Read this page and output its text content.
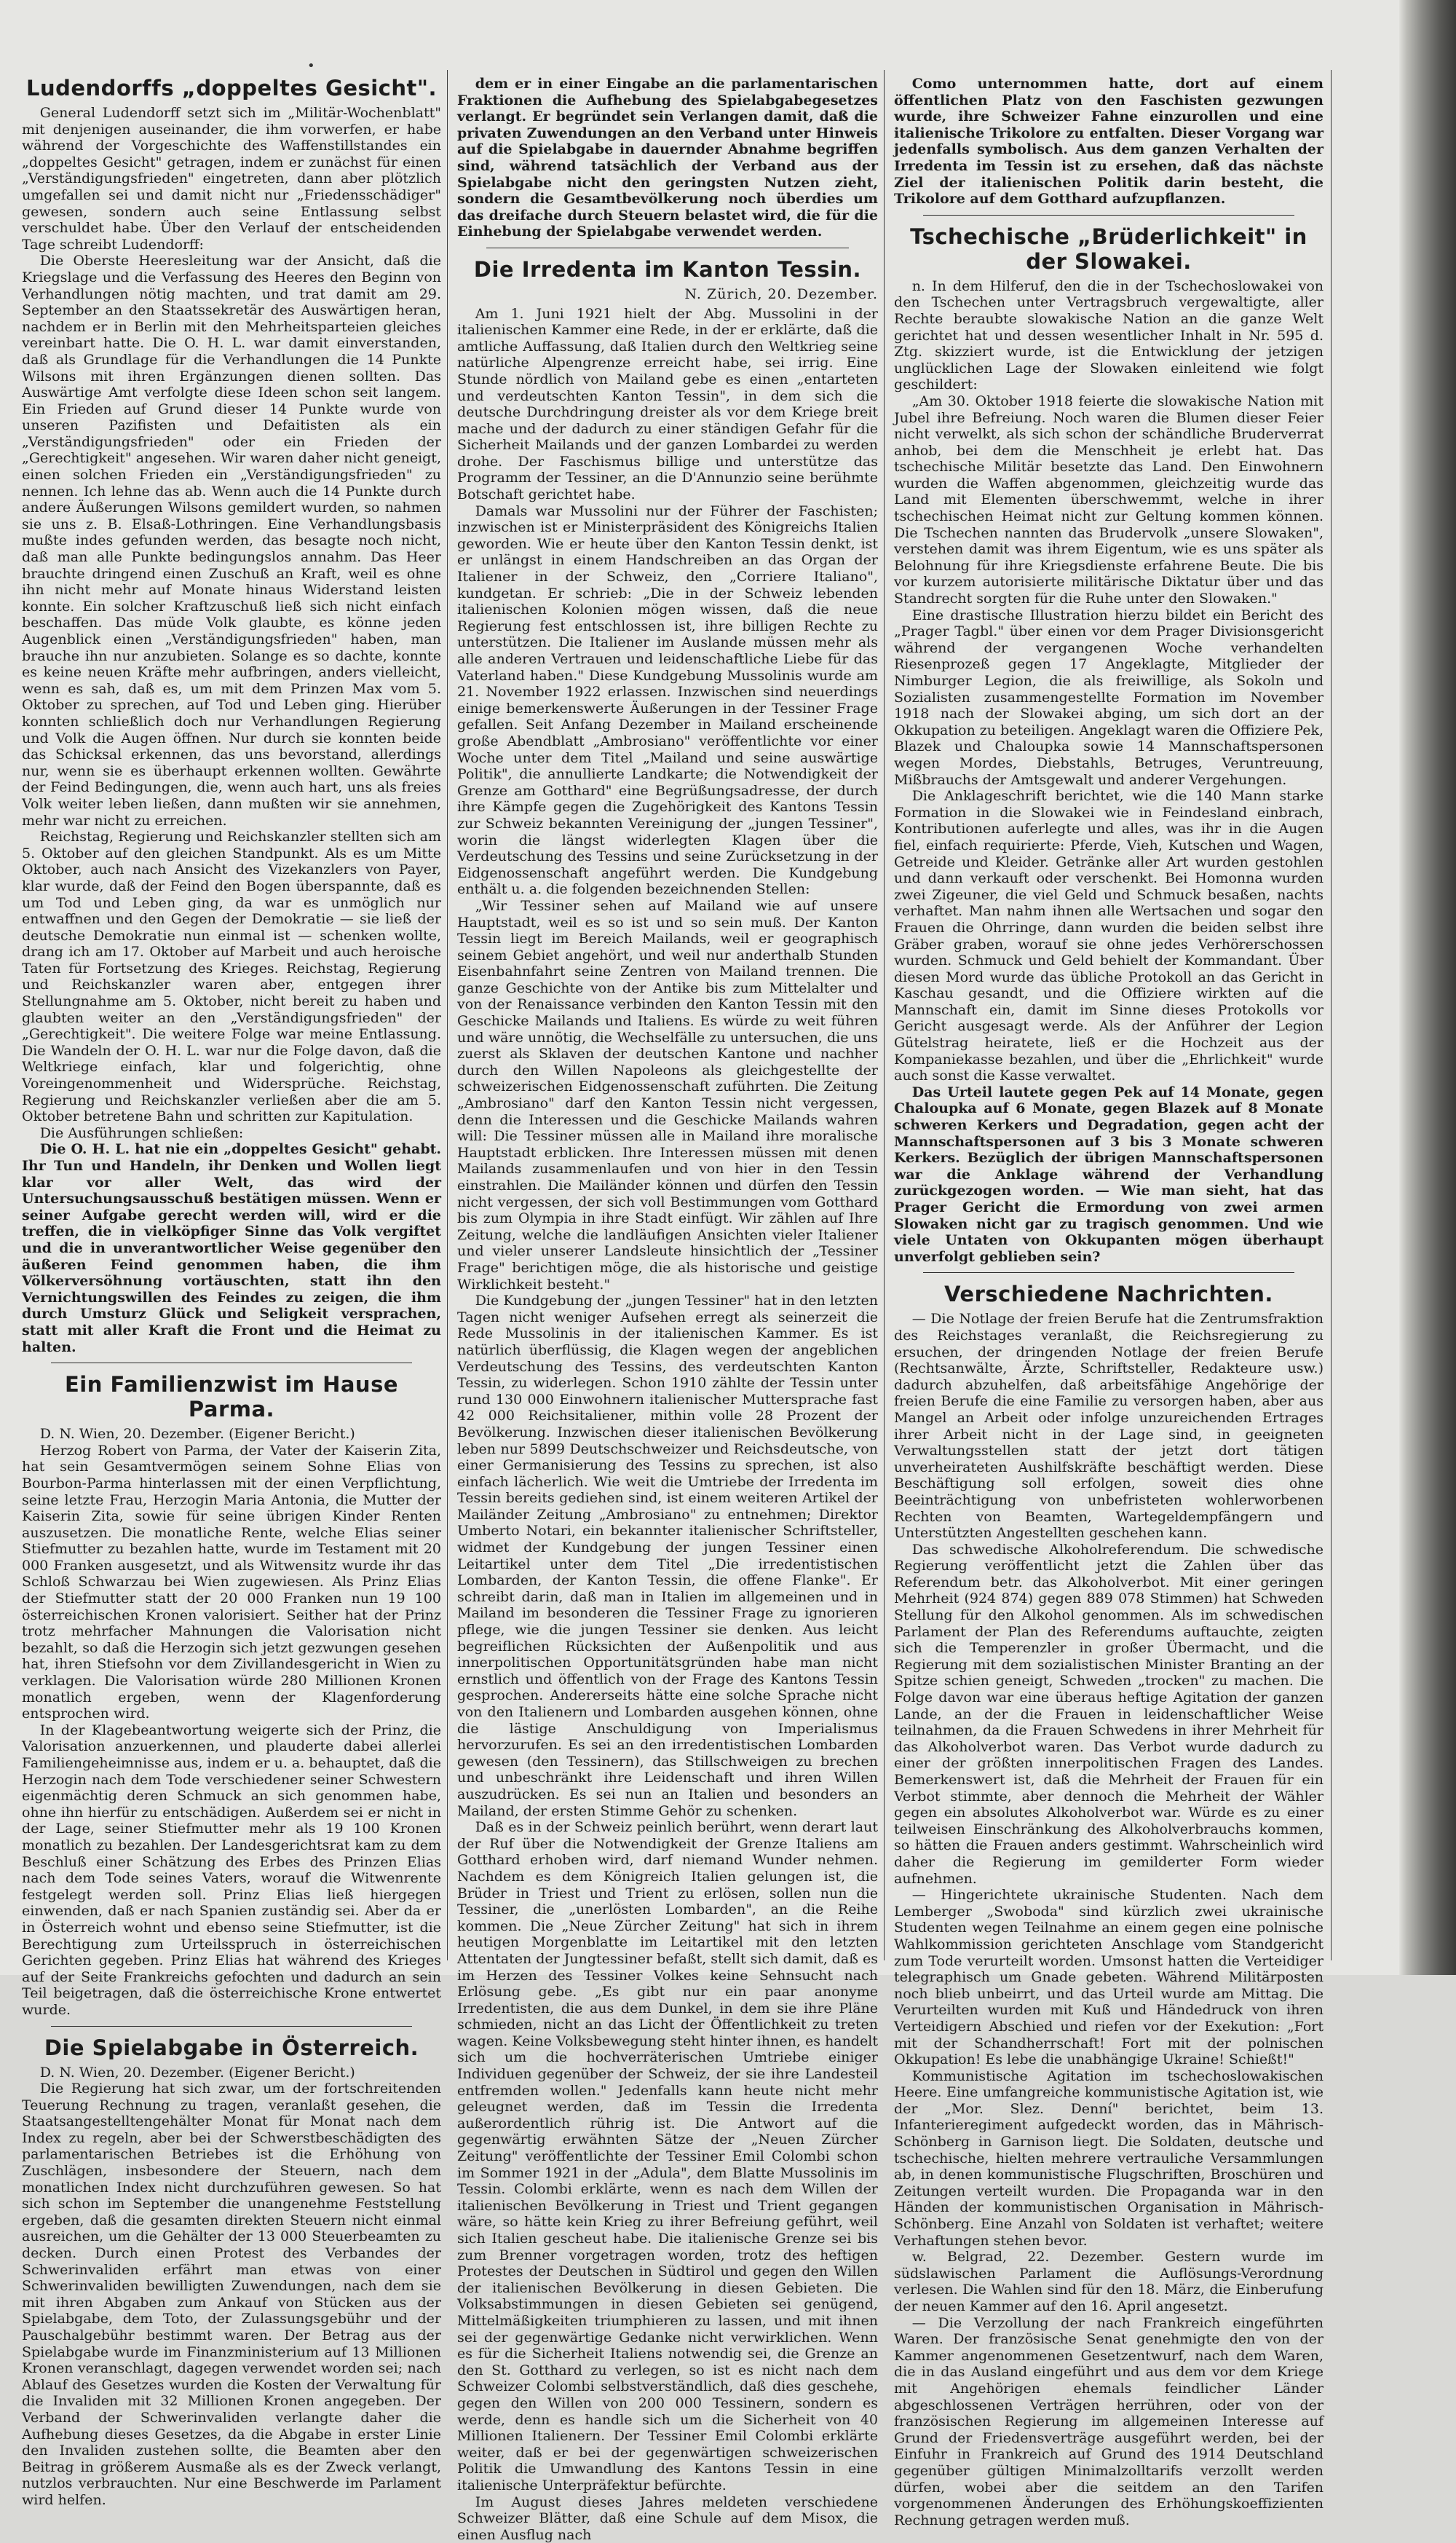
•
Ludendorffs „doppeltes Gesicht".

General Ludendorff setzt sich im „Militär-Wochenblatt" mit denjenigen auseinander, die ihm vorwerfen, er habe während der Vorgeschichte des Waffenstillstandes ein „doppeltes Gesicht" getragen, indem er zunächst für einen „Verständigungsfrieden" eingetreten, dann aber plötzlich umgefallen sei und damit nicht nur „Friedensschädiger" gewesen, sondern auch seine Entlassung selbst verschuldet habe. Über den Verlauf der entscheidenden Tage schreibt Ludendorff:

Die Oberste Heeresleitung war der Ansicht, daß die Kriegslage und die Verfassung des Heeres den Beginn von Verhandlungen nötig machten, und trat damit am 29. September an den Staatssekretär des Auswärtigen heran, nachdem er in Berlin mit den Mehrheitsparteien gleiches vereinbart hatte. Die O. H. L. war damit einverstanden, daß als Grundlage für die Verhandlungen die 14 Punkte Wilsons mit ihren Ergänzungen dienen sollten. Das Auswärtige Amt verfolgte diese Ideen schon seit langem. Ein Frieden auf Grund dieser 14 Punkte wurde von unseren Pazifisten und Defaitisten als ein „Verständigungsfrieden" oder ein Frieden der „Gerechtigkeit" angesehen. Wir waren daher nicht geneigt, einen solchen Frieden ein „Verständigungsfrieden" zu nennen. Ich lehne das ab. Wenn auch die 14 Punkte durch andere Äußerungen Wilsons gemildert wurden, so nahmen sie uns z. B. Elsaß-Lothringen. Eine Verhandlungsbasis mußte indes gefunden werden, das besagte noch nicht, daß man alle Punkte bedingungslos annahm. Das Heer brauchte dringend einen Zuschuß an Kraft, weil es ohne ihn nicht mehr auf Monate hinaus Widerstand leisten konnte. Ein solcher Kraftzuschuß ließ sich nicht einfach beschaffen. Das müde Volk glaubte, es könne jeden Augenblick einen „Verständigungsfrieden" haben, man brauche ihn nur anzubieten. Solange es so dachte, konnte es keine neuen Kräfte mehr aufbringen, anders vielleicht, wenn es sah, daß es, um mit dem Prinzen Max vom 5. Oktober zu sprechen, auf Tod und Leben ging. Hierüber konnten schließlich doch nur Verhandlungen Regierung und Volk die Augen öffnen. Nur durch sie konnten beide das Schicksal erkennen, das uns bevorstand, allerdings nur, wenn sie es überhaupt erkennen wollten. Gewährte der Feind Bedingungen, die, wenn auch hart, uns als freies Volk weiter leben ließen, dann mußten wir sie annehmen, mehr war nicht zu erreichen.

Reichstag, Regierung und Reichskanzler stellten sich am 5. Oktober auf den gleichen Standpunkt. Als es um Mitte Oktober, auch nach Ansicht des Vizekanzlers von Payer, klar wurde, daß der Feind den Bogen überspannte, daß es um Tod und Leben ging, da war es unmöglich nur entwaffnen und den Gegen der Demokratie — sie ließ der deutsche Demokratie nun einmal ist — schenken wollte, drang ich am 17. Oktober auf Marbeit und auch heroische Taten für Fortsetzung des Krieges. Reichstag, Regierung und Reichskanzler waren aber, entgegen ihrer Stellungnahme am 5. Oktober, nicht bereit zu haben und glaubten weiter an den „Verständigungsfrieden" der „Gerechtigkeit". Die weitere Folge war meine Entlassung. Die Wandeln der O. H. L. war nur die Folge davon, daß die Weltkriege einfach, klar und folgerichtig, ohne Voreingenommenheit und Widersprüche. Reichstag, Regierung und Reichskanzler verließen aber die am 5. Oktober betretene Bahn und schritten zur Kapitulation.

Die Ausführungen schließen:

Die O. H. L. hat nie ein „doppeltes Gesicht" gehabt. Ihr Tun und Handeln, ihr Denken und Wollen liegt klar vor aller Welt, das wird der Untersuchungsausschuß bestätigen müssen. Wenn er seiner Aufgabe gerecht werden will, wird er die treffen, die in vielköpfiger Sinne das Volk vergiftet und die in unverantwortlicher Weise gegenüber den äußeren Feind genommen haben, die ihm Völkerversöhnung vortäuschten, statt ihn den Vernichtungswillen des Feindes zu zeigen, die ihm durch Umsturz Glück und Seligkeit versprachen, statt mit aller Kraft die Front und die Heimat zu halten.

Ein Familienzwist im Hause Parma.

D. N. Wien, 20. Dezember. (Eigener Bericht.)

Herzog Robert von Parma, der Vater der Kaiserin Zita, hat sein Gesamtvermögen seinem Sohne Elias von Bourbon-Parma hinterlassen mit der einen Verpflichtung, seine letzte Frau, Herzogin Maria Antonia, die Mutter der Kaiserin Zita, sowie für seine übrigen Kinder Renten auszusetzen. Die monatliche Rente, welche Elias seiner Stiefmutter zu bezahlen hatte, wurde im Testament mit 20 000 Franken ausgesetzt, und als Witwensitz wurde ihr das Schloß Schwarzau bei Wien zugewiesen. Als Prinz Elias der Stiefmutter statt der 20 000 Franken nun 19 100 österreichischen Kronen valorisiert. Seither hat der Prinz trotz mehrfacher Mahnungen die Valorisation nicht bezahlt, so daß die Herzogin sich jetzt gezwungen gesehen hat, ihren Stiefsohn vor dem Zivillandesgericht in Wien zu verklagen. Die Valorisation würde 280 Millionen Kronen monatlich ergeben, wenn der Klagenforderung entsprochen wird.

In der Klagebeantwortung weigerte sich der Prinz, die Valorisation anzuerkennen, und plauderte dabei allerlei Familiengeheimnisse aus, indem er u. a. behauptet, daß die Herzogin nach dem Tode verschiedener seiner Schwestern eigenmächtig deren Schmuck an sich genommen habe, ohne ihn hierfür zu entschädigen. Außerdem sei er nicht in der Lage, seiner Stiefmutter mehr als 19 100 Kronen monatlich zu bezahlen. Der Landesgerichtsrat kam zu dem Beschluß einer Schätzung des Erbes des Prinzen Elias nach dem Tode seines Vaters, worauf die Witwenrente festgelegt werden soll. Prinz Elias ließ hiergegen einwenden, daß er nach Spanien zuständig sei. Aber da er in Österreich wohnt und ebenso seine Stiefmutter, ist die Berechtigung zum Urteilsspruch in österreichischen Gerichten gegeben. Prinz Elias hat während des Krieges auf der Seite Frankreichs gefochten und dadurch an sein Teil beigetragen, daß die österreichische Krone entwertet wurde.

Die Spielabgabe in Österreich.

D. N. Wien, 20. Dezember. (Eigener Bericht.)

Die Regierung hat sich zwar, um der fortschreitenden Teuerung Rechnung zu tragen, veranlaßt gesehen, die Staatsangestelltengehälter Monat für Monat nach dem Index zu regeln, aber bei der Schwerstbeschädigten des parlamentarischen Betriebes ist die Erhöhung von Zuschlägen, insbesondere der Steuern, nach dem monatlichen Index nicht durchzuführen gewesen. So hat sich schon im September die unangenehme Feststellung ergeben, daß die gesamten direkten Steuern nicht einmal ausreichen, um die Gehälter der 13 000 Steuerbeamten zu decken. Durch einen Protest des Verbandes der Schwerinvaliden erfährt man etwas von einer Schwerinvaliden bewilligten Zuwendungen, nach dem sie mit ihren Abgaben zum Ankauf von Stücken aus der Spielabgabe, dem Toto, der Zulassungsgebühr und der Pauschalgebühr bestimmt waren. Der Betrag aus der Spielabgabe wurde im Finanzministerium auf 13 Millionen Kronen veranschlagt, dagegen verwendet worden sei; nach Ablauf des Gesetzes wurden die Kosten der Verwaltung für die Invaliden mit 32 Millionen Kronen angegeben. Der Verband der Schwerinvaliden verlangte daher die Aufhebung dieses Gesetzes, da die Abgabe in erster Linie den Invaliden zustehen sollte, die Beamten aber den Beitrag in größerem Ausmaße als es der Zweck verlangt, nutzlos verbrauchten. Nur eine Beschwerde im Parlament wird helfen.

dem er in einer Eingabe an die parlamentarischen Fraktionen die Aufhebung des Spielabgabegesetzes verlangt. Er begründet sein Verlangen damit, daß die privaten Zuwendungen an den Verband unter Hinweis auf die Spielabgabe in dauernder Abnahme begriffen sind, während tatsächlich der Verband aus der Spielabgabe nicht den geringsten Nutzen zieht, sondern die Gesamtbevölkerung noch überdies um das dreifache durch Steuern belastet wird, die für die Einhebung der Spielabgabe verwendet werden.

Die Irredenta im Kanton Tessin.
N. Zürich, 20. Dezember.

Am 1. Juni 1921 hielt der Abg. Mussolini in der italienischen Kammer eine Rede, in der er erklärte, daß die amtliche Auffassung, daß Italien durch den Weltkrieg seine natürliche Alpengrenze erreicht habe, sei irrig. Eine Stunde nördlich von Mailand gebe es einen „entarteten und verdeutschten Kanton Tessin", in dem sich die deutsche Durchdringung dreister als vor dem Kriege breit mache und der dadurch zu einer ständigen Gefahr für die Sicherheit Mailands und der ganzen Lombardei zu werden drohe. Der Faschismus billige und unterstütze das Programm der Tessiner, an die D'Annunzio seine berühmte Botschaft gerichtet habe.

Damals war Mussolini nur der Führer der Faschisten; inzwischen ist er Ministerpräsident des Königreichs Italien geworden. Wie er heute über den Kanton Tessin denkt, ist er unlängst in einem Handschreiben an das Organ der Italiener in der Schweiz, den „Corriere Italiano", kundgetan. Er schrieb: „Die in der Schweiz lebenden italienischen Kolonien mögen wissen, daß die neue Regierung fest entschlossen ist, ihre billigen Rechte zu unterstützen. Die Italiener im Auslande müssen mehr als alle anderen Vertrauen und leidenschaftliche Liebe für das Vaterland haben." Diese Kundgebung Mussolinis wurde am 21. November 1922 erlassen. Inzwischen sind neuerdings einige bemerkenswerte Äußerungen in der Tessiner Frage gefallen. Seit Anfang Dezember in Mailand erscheinende große Abendblatt „Ambrosiano" veröffentlichte vor einer Woche unter dem Titel „Mailand und seine auswärtige Politik", die annullierte Landkarte; die Notwendigkeit der Grenze am Gotthard" eine Begrüßungsadresse, der durch ihre Kämpfe gegen die Zugehörigkeit des Kantons Tessin zur Schweiz bekannten Vereinigung der „jungen Tessiner", worin die längst widerlegten Klagen über die Verdeutschung des Tessins und seine Zurücksetzung in der Eidgenossenschaft angeführt werden. Die Kundgebung enthält u. a. die folgenden bezeichnenden Stellen:

„Wir Tessiner sehen auf Mailand wie auf unsere Hauptstadt, weil es so ist und so sein muß. Der Kanton Tessin liegt im Bereich Mailands, weil er geographisch seinem Gebiet angehört, und weil nur anderthalb Stunden Eisenbahnfahrt seine Zentren von Mailand trennen. Die ganze Geschichte von der Antike bis zum Mittelalter und von der Renaissance verbinden den Kanton Tessin mit den Geschicke Mailands und Italiens. Es würde zu weit führen und wäre unnötig, die Wechselfälle zu untersuchen, die uns zuerst als Sklaven der deutschen Kantone und nachher durch den Willen Napoleons als gleichgestellte der schweizerischen Eidgenossenschaft zuführten. Die Zeitung „Ambrosiano" darf den Kanton Tessin nicht vergessen, denn die Interessen und die Geschicke Mailands wahren will: Die Tessiner müssen alle in Mailand ihre moralische Hauptstadt erblicken. Ihre Interessen müssen mit denen Mailands zusammenlaufen und von hier in den Tessin einstrahlen. Die Mailänder können und dürfen den Tessin nicht vergessen, der sich voll Bestimmungen vom Gotthard bis zum Olympia in ihre Stadt einfügt. Wir zählen auf Ihre Zeitung, welche die landläufigen Ansichten vieler Italiener und vieler unserer Landsleute hinsichtlich der „Tessiner Frage" berichtigen möge, die als historische und geistige Wirklichkeit besteht."

Die Kundgebung der „jungen Tessiner" hat in den letzten Tagen nicht weniger Aufsehen erregt als seinerzeit die Rede Mussolinis in der italienischen Kammer. Es ist natürlich überflüssig, die Klagen wegen der angeblichen Verdeutschung des Tessins, des verdeutschten Kanton Tessin, zu widerlegen. Schon 1910 zählte der Tessin unter rund 130 000 Einwohnern italienischer Muttersprache fast 42 000 Reichsitaliener, mithin volle 28 Prozent der Bevölkerung. Inzwischen dieser italienischen Bevölkerung leben nur 5899 Deutschschweizer und Reichsdeutsche, von einer Germanisierung des Tessins zu sprechen, ist also einfach lächerlich. Wie weit die Umtriebe der Irredenta im Tessin bereits gediehen sind, ist einem weiteren Artikel der Mailänder Zeitung „Ambrosiano" zu entnehmen; Direktor Umberto Notari, ein bekannter italienischer Schriftsteller, widmet der Kundgebung der jungen Tessiner einen Leitartikel unter dem Titel „Die irredentistischen Lombarden, der Kanton Tessin, die offene Flanke". Er schreibt darin, daß man in Italien im allgemeinen und in Mailand im besonderen die Tessiner Frage zu ignorieren pflege, wie die jungen Tessiner sie denken. Aus leicht begreiflichen Rücksichten der Außenpolitik und aus innerpolitischen Opportunitätsgründen habe man nicht ernstlich und öffentlich von der Frage des Kantons Tessin gesprochen. Andererseits hätte eine solche Sprache nicht von den Italienern und Lombarden ausgehen können, ohne die lästige Anschuldigung von Imperialismus hervorzurufen. Es sei an den irredentistischen Lombarden gewesen (den Tessinern), das Stillschweigen zu brechen und unbeschränkt ihre Leidenschaft und ihren Willen auszudrücken. Es sei nun an Italien und besonders an Mailand, der ersten Stimme Gehör zu schenken.

Daß es in der Schweiz peinlich berührt, wenn derart laut der Ruf über die Notwendigkeit der Grenze Italiens am Gotthard erhoben wird, darf niemand Wunder nehmen. Nachdem es dem Königreich Italien gelungen ist, die Brüder in Triest und Trient zu erlösen, sollen nun die Tessiner, die „unerlösten Lombarden", an die Reihe kommen. Die „Neue Zürcher Zeitung" hat sich in ihrem heutigen Morgenblatte im Leitartikel mit den letzten Attentaten der Jungtessiner befaßt, stellt sich damit, daß es im Herzen des Tessiner Volkes keine Sehnsucht nach Erlösung gebe. „Es gibt nur ein paar anonyme Irredentisten, die aus dem Dunkel, in dem sie ihre Pläne schmieden, nicht an das Licht der Öffentlichkeit zu treten wagen. Keine Volksbewegung steht hinter ihnen, es handelt sich um die hochverräterischen Umtriebe einiger Individuen gegenüber der Schweiz, der sie ihre Landesteil entfremden wollen." Jedenfalls kann heute nicht mehr geleugnet werden, daß im Tessin die Irredenta außerordentlich rührig ist. Die Antwort auf die gegenwärtig erwähnten Sätze der „Neuen Zürcher Zeitung" veröffentlichte der Tessiner Emil Colombi schon im Sommer 1921 in der „Adula", dem Blatte Mussolinis im Tessin. Colombi erklärte, wenn es nach dem Willen der italienischen Bevölkerung in Triest und Trient gegangen wäre, so hätte kein Krieg zu ihrer Befreiung geführt, weil sich Italien gescheut habe. Die italienische Grenze sei bis zum Brenner vorgetragen worden, trotz des heftigen Protestes der Deutschen in Südtirol und gegen den Willen der italienischen Bevölkerung in diesen Gebieten. Die Volksabstimmungen in diesen Gebieten sei genügend, Mittelmäßigkeiten triumphieren zu lassen, und mit ihnen sei der gegenwärtige Gedanke nicht verwirklichen. Wenn es für die Sicherheit Italiens notwendig sei, die Grenze an den St. Gotthard zu verlegen, so ist es nicht nach dem Schweizer Colombi selbstverständlich, daß dies geschehe, gegen den Willen von 200 000 Tessinern, sondern es werde, denn es handle sich um die Sicherheit von 40 Millionen Italienern. Der Tessiner Emil Colombi erklärte weiter, daß er bei der gegenwärtigen schweizerischen Politik die Umwandlung des Kantons Tessin in eine italienische Unterpräfektur befürchte.

Im August dieses Jahres meldeten verschiedene Schweizer Blätter, daß eine Schule auf dem Misox, die einen Ausflug nach

Como unternommen hatte, dort auf einem öffentlichen Platz von den Faschisten gezwungen wurde, ihre Schweizer Fahne einzurollen und eine italienische Trikolore zu entfalten. Dieser Vorgang war jedenfalls symbolisch. Aus dem ganzen Verhalten der Irredenta im Tessin ist zu ersehen, daß das nächste Ziel der italienischen Politik darin besteht, die Trikolore auf dem Gotthard aufzupflanzen.

Tschechische „Brüderlichkeit" in der Slowakei.

n. In dem Hilferuf, den die in der Tschechoslowakei von den Tschechen unter Vertragsbruch vergewaltigte, aller Rechte beraubte slowakische Nation an die ganze Welt gerichtet hat und dessen wesentlicher Inhalt in Nr. 595 d. Ztg. skizziert wurde, ist die Entwicklung der jetzigen unglücklichen Lage der Slowaken einleitend wie folgt geschildert:

„Am 30. Oktober 1918 feierte die slowakische Nation mit Jubel ihre Befreiung. Noch waren die Blumen dieser Feier nicht verwelkt, als sich schon der schändliche Bruderverrat anhob, bei dem die Menschheit je erlebt hat. Das tschechische Militär besetzte das Land. Den Einwohnern wurden die Waffen abgenommen, gleichzeitig wurde das Land mit Elementen überschwemmt, welche in ihrer tschechischen Heimat nicht zur Geltung kommen können. Die Tschechen nannten das Brudervolk „unsere Slowaken", verstehen damit was ihrem Eigentum, wie es uns später als Belohnung für ihre Kriegsdienste erfahrene Beute. Die bis vor kurzem autorisierte militärische Diktatur über und das Standrecht sorgten für die Ruhe unter den Slowaken."

Eine drastische Illustration hierzu bildet ein Bericht des „Prager Tagbl." über einen vor dem Prager Divisionsgericht während der vergangenen Woche verhandelten Riesenprozeß gegen 17 Angeklagte, Mitglieder der Nimburger Legion, die als freiwillige, als Sokoln und Sozialisten zusammengestellte Formation im November 1918 nach der Slowakei abging, um sich dort an der Okkupation zu beteiligen. Angeklagt waren die Offiziere Pek, Blazek und Chaloupka sowie 14 Mannschaftspersonen wegen Mordes, Diebstahls, Betruges, Veruntreuung, Mißbrauchs der Amtsgewalt und anderer Vergehungen.

Die Anklageschrift berichtet, wie die 140 Mann starke Formation in die Slowakei wie in Feindesland einbrach, Kontributionen auferlegte und alles, was ihr in die Augen fiel, einfach requirierte: Pferde, Vieh, Kutschen und Wagen, Getreide und Kleider. Getränke aller Art wurden gestohlen und dann verkauft oder verschenkt. Bei Homonna wurden zwei Zigeuner, die viel Geld und Schmuck besaßen, nachts verhaftet. Man nahm ihnen alle Wertsachen und sogar den Frauen die Ohrringe, dann wurden die beiden selbst ihre Gräber graben, worauf sie ohne jedes Verhörerschossen wurden. Schmuck und Geld behielt der Kommandant. Über diesen Mord wurde das übliche Protokoll an das Gericht in Kaschau gesandt, und die Offiziere wirkten auf die Mannschaft ein, damit im Sinne dieses Protokolls vor Gericht ausgesagt werde. Als der Anführer der Legion Gütelstrag heiratete, ließ er die Hochzeit aus der Kompaniekasse bezahlen, und über die „Ehrlichkeit" wurde auch sonst die Kasse verwaltet.

Das Urteil lautete gegen Pek auf 14 Monate, gegen Chaloupka auf 6 Monate, gegen Blazek auf 8 Monate schweren Kerkers und Degradation, gegen acht der Mannschaftspersonen auf 3 bis 3 Monate schweren Kerkers. Bezüglich der übrigen Mannschaftspersonen war die Anklage während der Verhandlung zurückgezogen worden. — Wie man sieht, hat das Prager Gericht die Ermordung von zwei armen Slowaken nicht gar zu tragisch genommen. Und wie viele Untaten von Okkupanten mögen überhaupt unverfolgt geblieben sein?

Verschiedene Nachrichten.

— Die Notlage der freien Berufe hat die Zentrumsfraktion des Reichstages veranlaßt, die Reichsregierung zu ersuchen, der dringenden Notlage der freien Berufe (Rechtsanwälte, Ärzte, Schriftsteller, Redakteure usw.) dadurch abzuhelfen, daß arbeitsfähige Angehörige der freien Berufe die eine Familie zu versorgen haben, aber aus Mangel an Arbeit oder infolge unzureichenden Ertrages ihrer Arbeit nicht in der Lage sind, in geeigneten Verwaltungsstellen statt der jetzt dort tätigen unverheirateten Aushilfskräfte beschäftigt werden. Diese Beschäftigung soll erfolgen, soweit dies ohne Beeinträchtigung von unbefristeten wohlerworbenen Rechten von Beamten, Wartegeldempfängern und Unterstützten Angestellten geschehen kann.

Das schwedische Alkoholreferendum. Die schwedische Regierung veröffentlicht jetzt die Zahlen über das Referendum betr. das Alkoholverbot. Mit einer geringen Mehrheit (924 874) gegen 889 078 Stimmen) hat Schweden Stellung für den Alkohol genommen. Als im schwedischen Parlament der Plan des Referendums auftauchte, zeigten sich die Temperenzler in großer Übermacht, und die Regierung mit dem sozialistischen Minister Branting an der Spitze schien geneigt, Schweden „trocken" zu machen. Die Folge davon war eine überaus heftige Agitation der ganzen Lande, an der die Frauen in leidenschaftlicher Weise teilnahmen, da die Frauen Schwedens in ihrer Mehrheit für das Alkoholverbot waren. Das Verbot wurde dadurch zu einer der größten innerpolitischen Fragen des Landes. Bemerkenswert ist, daß die Mehrheit der Frauen für ein Verbot stimmte, aber dennoch die Mehrheit der Wähler gegen ein absolutes Alkoholverbot war. Würde es zu einer teilweisen Einschränkung des Alkoholverbrauchs kommen, so hätten die Frauen anders gestimmt. Wahrscheinlich wird daher die Regierung im gemilderter Form wieder aufnehmen.

— Hingerichtete ukrainische Studenten. Nach dem Lemberger „Swoboda" sind kürzlich zwei ukrainische Studenten wegen Teilnahme an einem gegen eine polnische Wahlkommission gerichteten Anschlage vom Standgericht zum Tode verurteilt worden. Umsonst hatten die Verteidiger telegraphisch um Gnade gebeten. Während Militärposten noch blieb unbeirrt, und das Urteil wurde am Mittag. Die Verurteilten wurden mit Kuß und Händedruck von ihren Verteidigern Abschied und riefen vor der Exekution: „Fort mit der Schandherrschaft! Fort mit der polnischen Okkupation! Es lebe die unabhängige Ukraine! Schießt!"

Kommunistische Agitation im tschechoslowakischen Heere. Eine umfangreiche kommunistische Agitation ist, wie der „Mor. Slez. Denní" berichtet, beim 13. Infanterieregiment aufgedeckt worden, das in Mährisch-Schönberg in Garnison liegt. Die Soldaten, deutsche und tschechische, hielten mehrere vertrauliche Versammlungen ab, in denen kommunistische Flugschriften, Broschüren und Zeitungen verteilt wurden. Die Propaganda war in den Händen der kommunistischen Organisation in Mährisch-Schönberg. Eine Anzahl von Soldaten ist verhaftet; weitere Verhaftungen stehen bevor.

w. Belgrad, 22. Dezember. Gestern wurde im südslawischen Parlament die Auflösungs-Verordnung verlesen. Die Wahlen sind für den 18. März, die Einberufung der neuen Kammer auf den 16. April angesetzt.

— Die Verzollung der nach Frankreich eingeführten Waren. Der französische Senat genehmigte den von der Kammer angenommenen Gesetzentwurf, nach dem Waren, die in das Ausland eingeführt und aus dem vor dem Kriege mit Angehörigen ehemals feindlicher Länder abgeschlossenen Verträgen herrühren, oder von der französischen Regierung im allgemeinen Interesse auf Grund der Friedensverträge ausgeführt werden, bei der Einfuhr in Frankreich auf Grund des 1914 Deutschland gegenüber gültigen Minimalzolltarifs verzollt werden dürfen, wobei aber die seitdem an den Tarifen vorgenommenen Änderungen des Erhöhungskoeffizienten Rechnung getragen werden muß.
